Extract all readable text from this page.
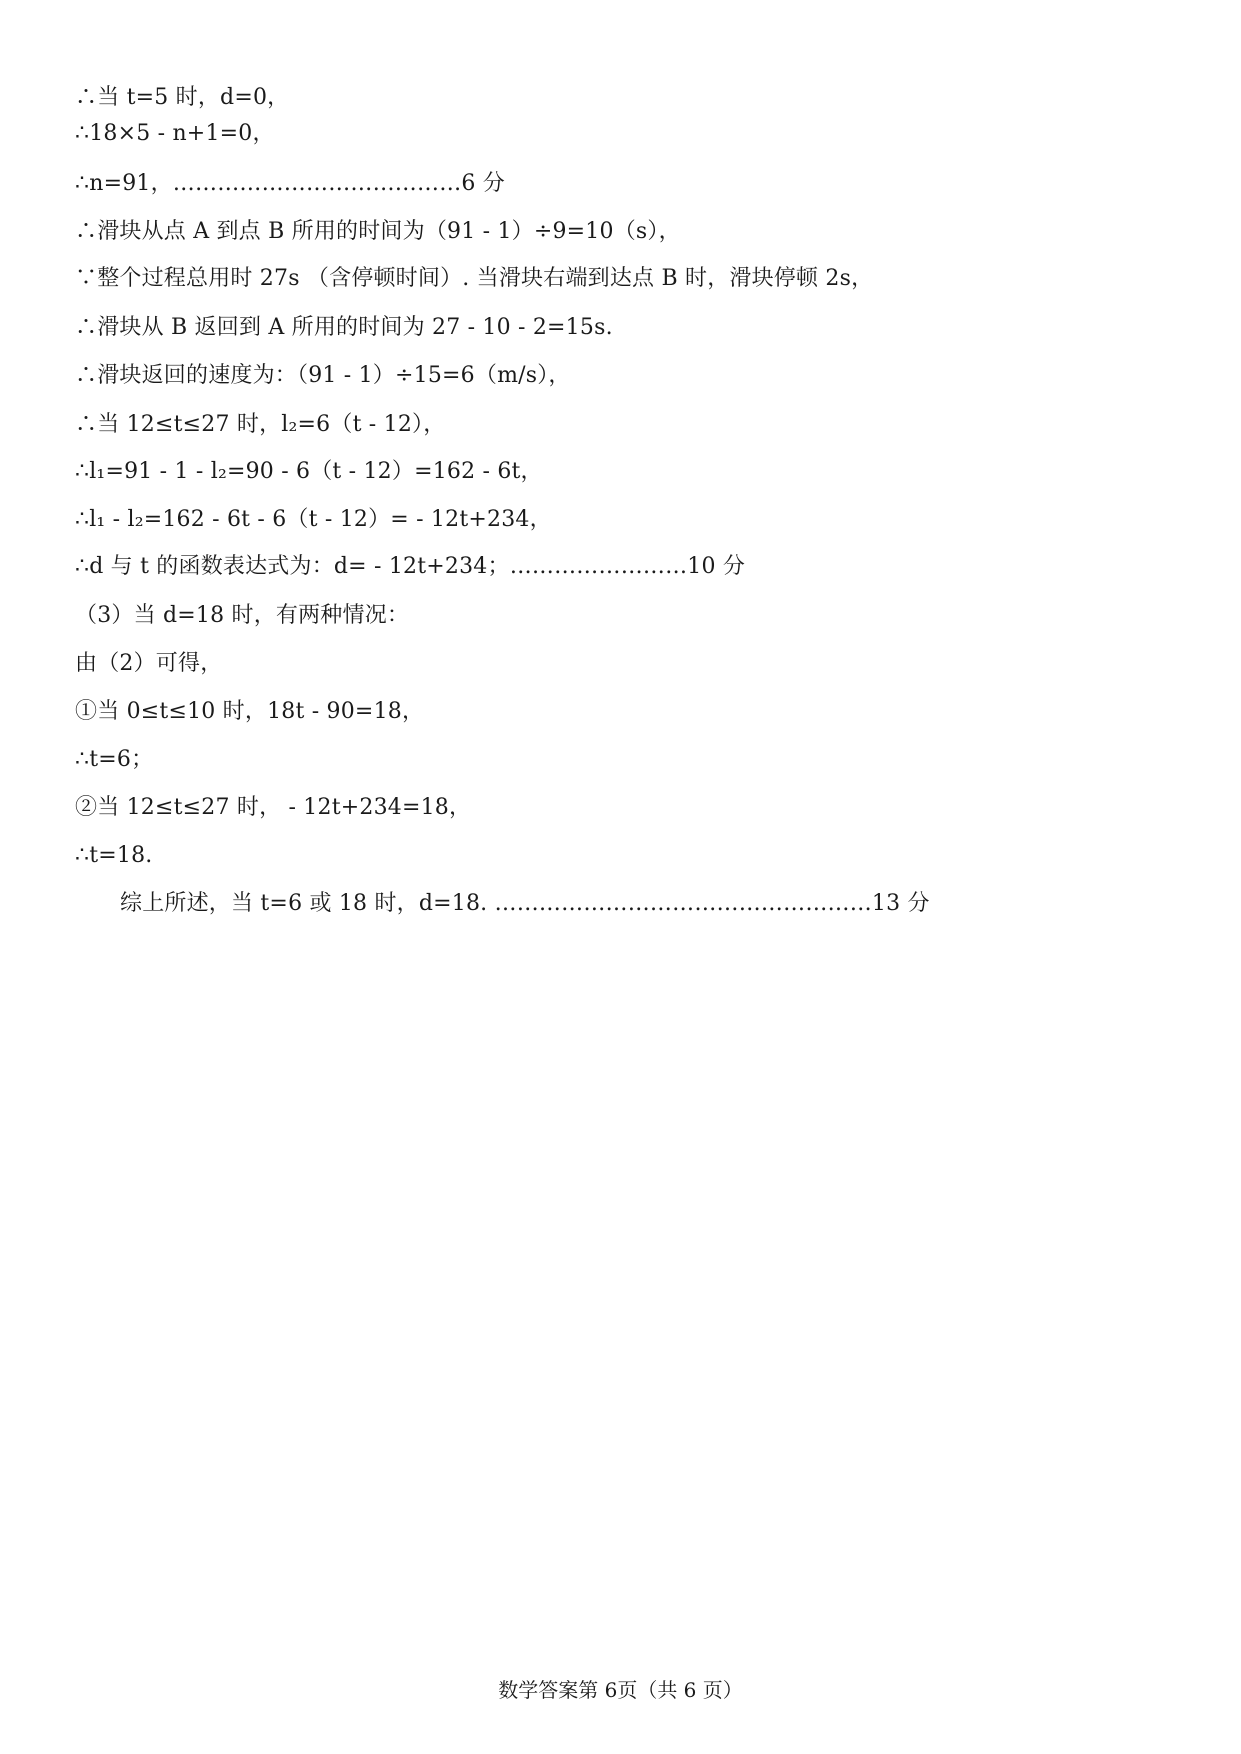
∴当 t=5 时，d=0，
∴18×5 - n+1=0，
∴n=91，…………………………………6 分
∴滑块从点 A 到点 B 所用的时间为（91 - 1）÷9=10（s），
∵整个过程总用时 27s （含停顿时间）. 当滑块右端到达点 B 时，滑块停顿 2s，
∴滑块从 B 返回到 A 所用的时间为 27 - 10 - 2=15s.
∴滑块返回的速度为：（91 - 1）÷15=6（m/s），
∴当 12≤t≤27 时，l₂=6（t - 12），
∴l₁=91 - 1 - l₂=90 - 6（t - 12）=162 - 6t，
∴l₁ - l₂=162 - 6t - 6（t - 12）= - 12t+234，
∴d 与 t 的函数表达式为：d= - 12t+234；……………………10 分
（3）当 d=18 时，有两种情况：
由（2）可得，
①当 0≤t≤10 时，18t - 90=18，
∴t=6；
②当 12≤t≤27 时， - 12t+234=18，
∴t=18.
综上所述，当 t=6 或 18 时，d=18. ……………………………………………13 分
数学答案第 6页（共 6 页）
